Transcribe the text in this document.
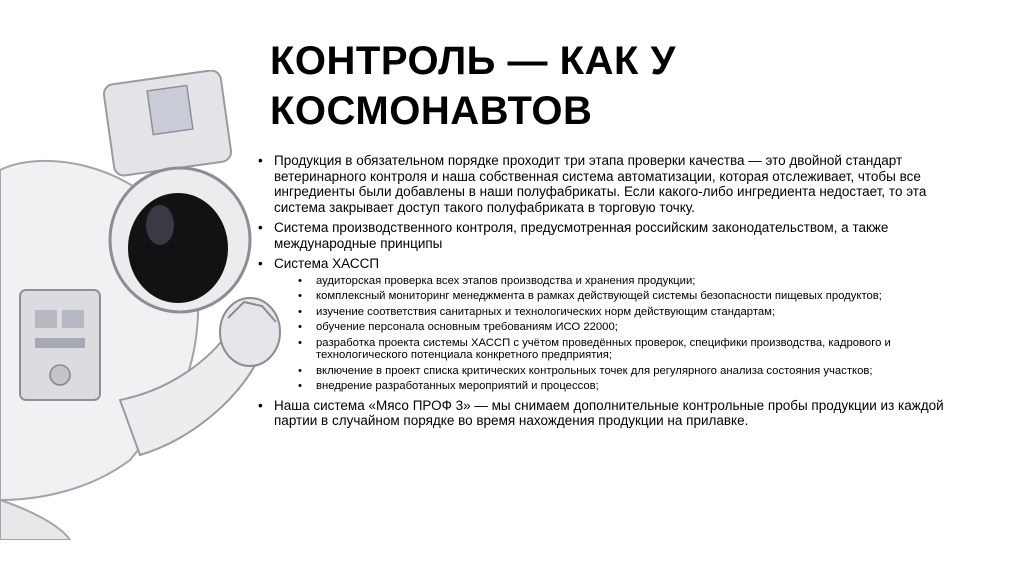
КОНТРОЛЬ — КАК У
КОСМОНАВТОВ
• Продукция в обязательном порядке проходит три этапа проверки качества — это двойной стандарт ветеринарного контроля и наша собственная система автоматизации, которая отслеживает, чтобы все ингредиенты были добавлены в наши полуфабрикаты. Если какого-либо ингредиента недостает, то эта система закрывает доступ такого полуфабриката в торговую точку.
• Система производственного контроля, предусмотренная российским законодательством, а также международные принципы
• Система ХАССП
• аудиторская проверка всех этапов производства и хранения продукции;
• комплексный мониторинг менеджмента в рамках действующей системы безопасности пищевых продуктов;
• изучение соответствия санитарных и технологических норм действующим стандартам;
• обучение персонала основным требованиям ИСО 22000;
• разработка проекта системы ХАССП с учётом проведённых проверок, специфики производства, кадрового и технологического потенциала конкретного предприятия;
• включение в проект списка критических контрольных точек для регулярного анализа состояния участков;
• внедрение разработанных мероприятий и процессов;
• Наша система «Мясо ПРОФ 3» — мы снимаем дополнительные контрольные пробы продукции из каждой партии в случайном порядке во время нахождения продукции на прилавке.
